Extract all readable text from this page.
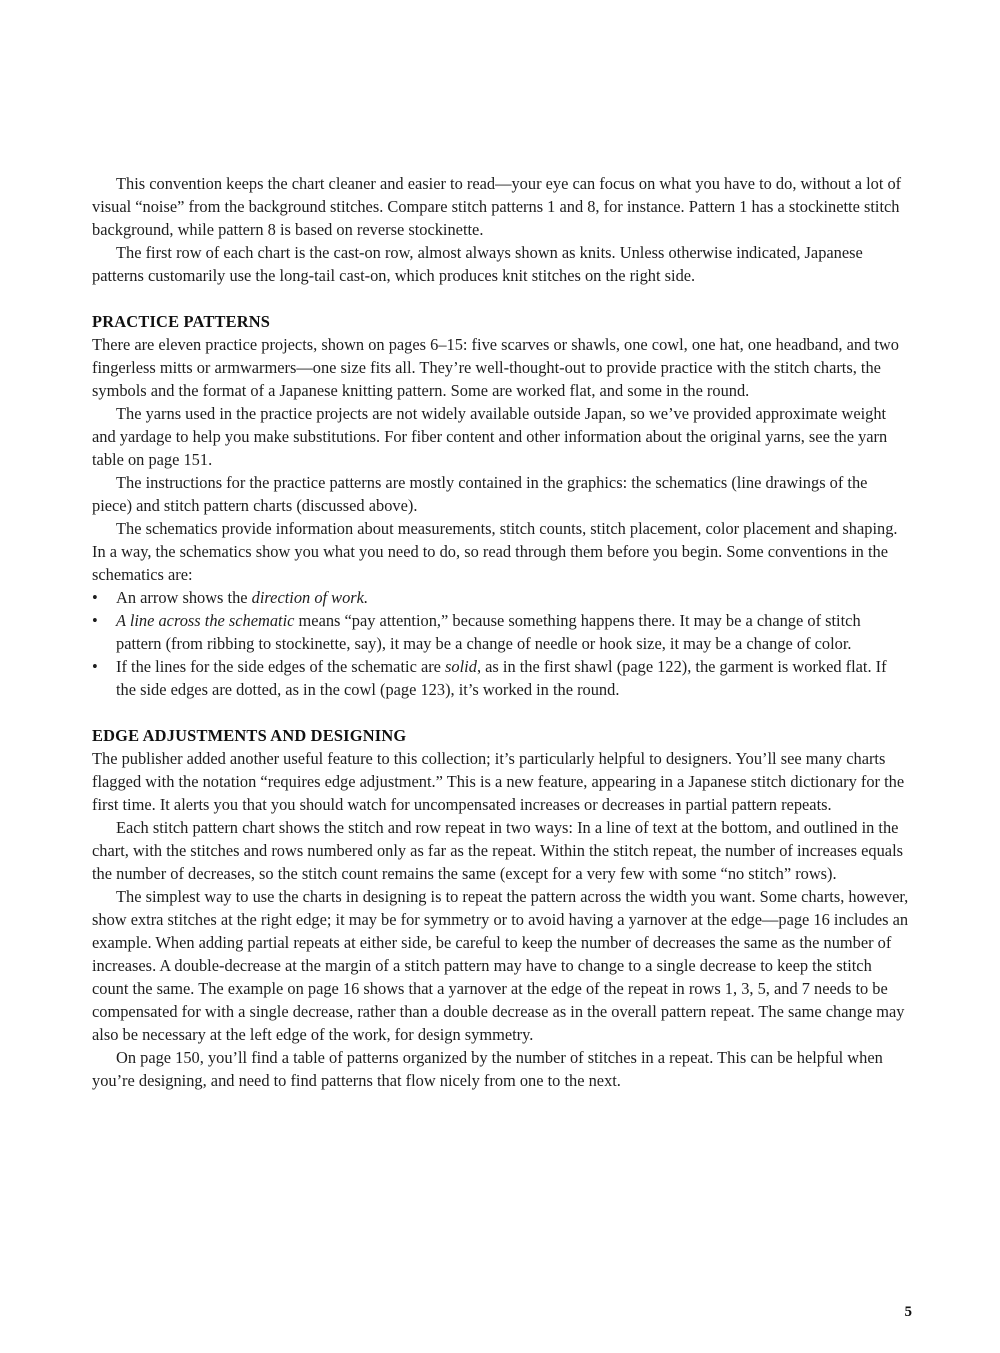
This convention keeps the chart cleaner and easier to read—your eye can focus on what you have to do, without a lot of visual “noise” from the background stitches. Compare stitch patterns 1 and 8, for instance. Pattern 1 has a stockinette stitch background, while pattern 8 is based on reverse stockinette.

The first row of each chart is the cast-on row, almost always shown as knits. Unless otherwise indicated, Japanese patterns customarily use the long-tail cast-on, which produces knit stitches on the right side.

PRACTICE PATTERNS

There are eleven practice projects, shown on pages 6–15: five scarves or shawls, one cowl, one hat, one headband, and two fingerless mitts or armwarmers—one size fits all. They’re well-thought-out to provide practice with the stitch charts, the symbols and the format of a Japanese knitting pattern. Some are worked flat, and some in the round.

The yarns used in the practice projects are not widely available outside Japan, so we’ve provided approximate weight and yardage to help you make substitutions. For fiber content and other information about the original yarns, see the yarn table on page 151.

The instructions for the practice patterns are mostly contained in the graphics: the schematics (line drawings of the piece) and stitch pattern charts (discussed above).

The schematics provide information about measurements, stitch counts, stitch placement, color placement and shaping. In a way, the schematics show you what you need to do, so read through them before you begin. Some conventions in the schematics are:

•	An arrow shows the direction of work.
•	A line across the schematic means “pay attention,” because something happens there. It may be a change of stitch pattern (from ribbing to stockinette, say), it may be a change of needle or hook size, it may be a change of color.
•	If the lines for the side edges of the schematic are solid, as in the first shawl (page 122), the garment is worked flat. If the side edges are dotted, as in the cowl (page 123), it’s worked in the round.
EDGE ADJUSTMENTS AND DESIGNING

The publisher added another useful feature to this collection; it’s particularly helpful to designers. You’ll see many charts flagged with the notation “requires edge adjustment.” This is a new feature, appearing in a Japanese stitch dictionary for the first time. It alerts you that you should watch for uncompensated increases or decreases in partial pattern repeats.

Each stitch pattern chart shows the stitch and row repeat in two ways: In a line of text at the bottom, and outlined in the chart, with the stitches and rows numbered only as far as the repeat. Within the stitch repeat, the number of increases equals the number of decreases, so the stitch count remains the same (except for a very few with some “no stitch” rows).

The simplest way to use the charts in designing is to repeat the pattern across the width you want. Some charts, however, show extra stitches at the right edge; it may be for symmetry or to avoid having a yarnover at the edge—page 16 includes an example. When adding partial repeats at either side, be careful to keep the number of decreases the same as the number of increases. A double-decrease at the margin of a stitch pattern may have to change to a single decrease to keep the stitch count the same. The example on page 16 shows that a yarnover at the edge of the repeat in rows 1, 3, 5, and 7 needs to be compensated for with a single decrease, rather than a double decrease as in the overall pattern repeat. The same change may also be necessary at the left edge of the work, for design symmetry.

On page 150, you’ll find a table of patterns organized by the number of stitches in a repeat. This can be helpful when you’re designing, and need to find patterns that flow nicely from one to the next.

5
